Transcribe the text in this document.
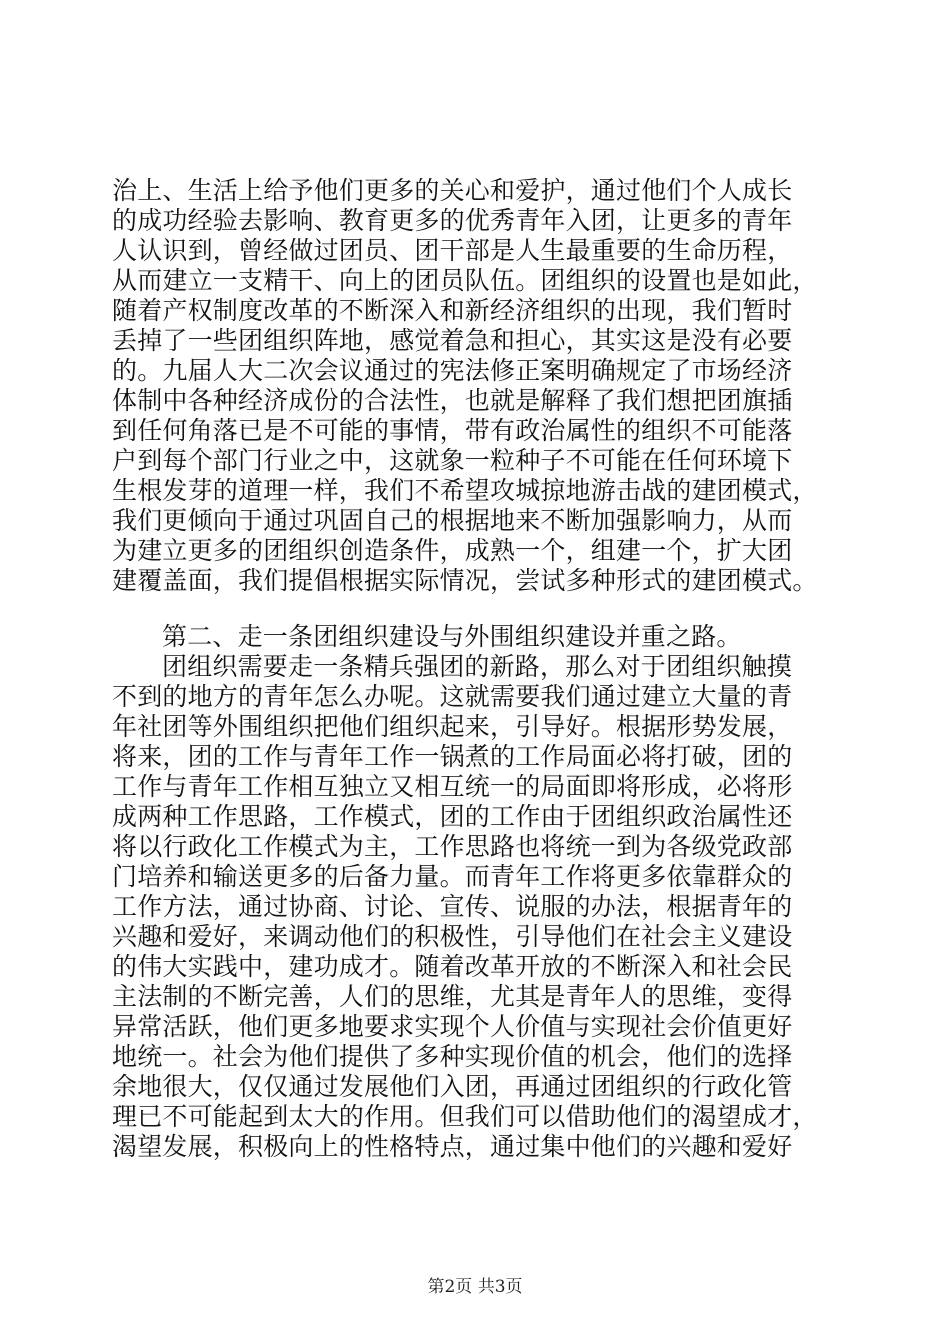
治上、生活上给予他们更多的关心和爱护，通过他们个人成长
的成功经验去影响、教育更多的优秀青年入团，让更多的青年
人认识到，曾经做过团员、团干部是人生最重要的生命历程，
从而建立一支精干、向上的团员队伍。团组织的设置也是如此，
随着产权制度改革的不断深入和新经济组织的出现，我们暂时
丢掉了一些团组织阵地，感觉着急和担心，其实这是没有必要
的。九届人大二次会议通过的宪法修正案明确规定了市场经济
体制中各种经济成份的合法性，也就是解释了我们想把团旗插
到任何角落已是不可能的事情，带有政治属性的组织不可能落
户到每个部门行业之中，这就象一粒种子不可能在任何环境下
生根发芽的道理一样，我们不希望攻城掠地游击战的建团模式，
我们更倾向于通过巩固自己的根据地来不断加强影响力，从而
为建立更多的团组织创造条件，成熟一个，组建一个，扩大团
建覆盖面，我们提倡根据实际情况，尝试多种形式的建团模式。
第二、走一条团组织建设与外围组织建设并重之路。
团组织需要走一条精兵强团的新路，那么对于团组织触摸
不到的地方的青年怎么办呢。这就需要我们通过建立大量的青
年社团等外围组织把他们组织起来，引导好。根据形势发展，
将来，团的工作与青年工作一锅煮的工作局面必将打破，团的
工作与青年工作相互独立又相互统一的局面即将形成，必将形
成两种工作思路，工作模式，团的工作由于团组织政治属性还
将以行政化工作模式为主，工作思路也将统一到为各级党政部
门培养和输送更多的后备力量。而青年工作将更多依靠群众的
工作方法，通过协商、讨论、宣传、说服的办法，根据青年的
兴趣和爱好，来调动他们的积极性，引导他们在社会主义建设
的伟大实践中，建功成才。随着改革开放的不断深入和社会民
主法制的不断完善，人们的思维，尤其是青年人的思维，变得
异常活跃，他们更多地要求实现个人价值与实现社会价值更好
地统一。社会为他们提供了多种实现价值的机会，他们的选择
余地很大，仅仅通过发展他们入团，再通过团组织的行政化管
理已不可能起到太大的作用。但我们可以借助他们的渴望成才，
渴望发展，积极向上的性格特点，通过集中他们的兴趣和爱好
第2页 共3页
